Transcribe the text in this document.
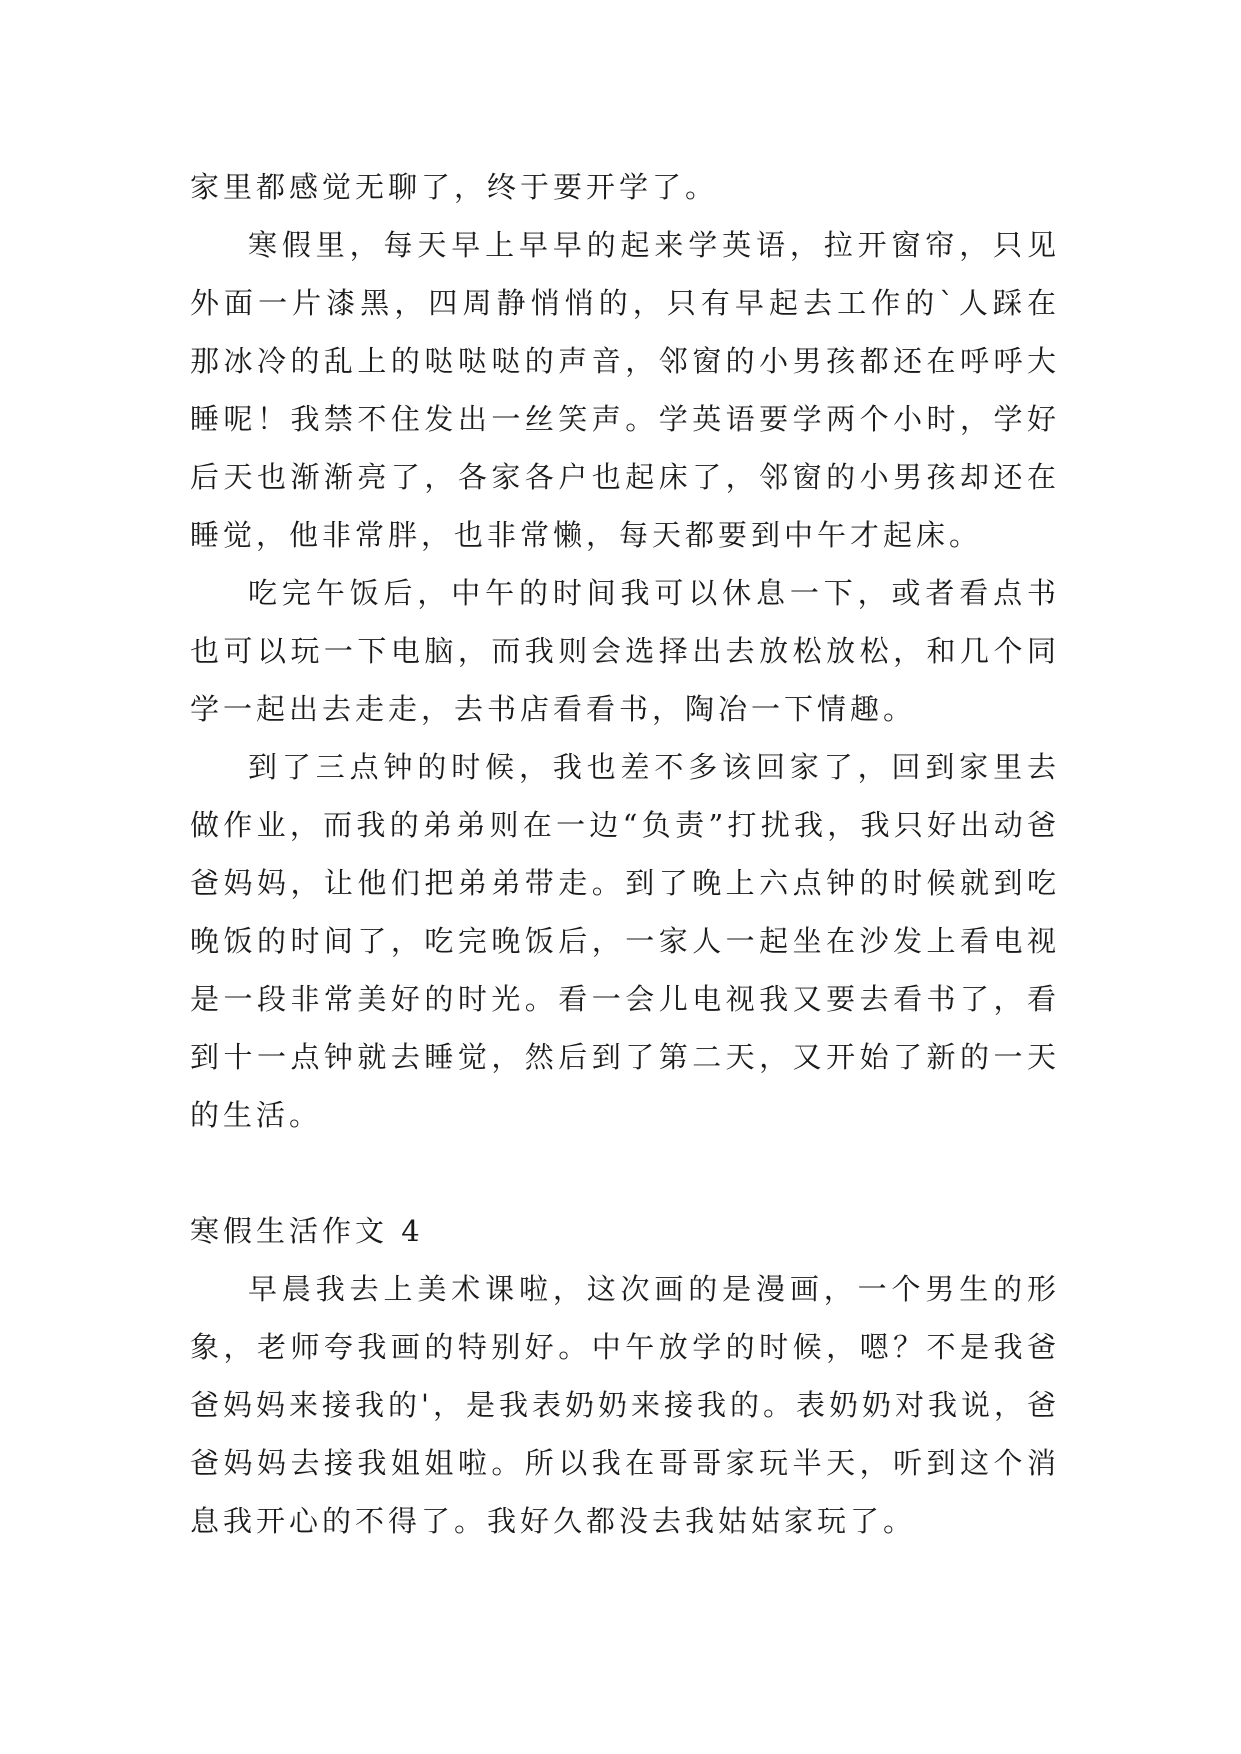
家里都感觉无聊了，终于要开学了。

寒假里，每天早上早早的起来学英语，拉开窗帘，只见外面一片漆黑，四周静悄悄的，只有早起去工作的`人踩在那冰冷的乱上的哒哒哒的声音，邻窗的小男孩都还在呼呼大睡呢！我禁不住发出一丝笑声。学英语要学两个小时，学好后天也渐渐亮了，各家各户也起床了，邻窗的小男孩却还在睡觉，他非常胖，也非常懒，每天都要到中午才起床。

吃完午饭后，中午的时间我可以休息一下，或者看点书也可以玩一下电脑，而我则会选择出去放松放松，和几个同学一起出去走走，去书店看看书，陶冶一下情趣。

到了三点钟的时候，我也差不多该回家了，回到家里去做作业，而我的弟弟则在一边“负责”打扰我，我只好出动爸爸妈妈，让他们把弟弟带走。到了晚上六点钟的时候就到吃晚饭的时间了，吃完晚饭后，一家人一起坐在沙发上看电视是一段非常美好的时光。看一会儿电视我又要去看书了，看到十一点钟就去睡觉，然后到了第二天，又开始了新的一天的生活。

寒假生活作文 4

早晨我去上美术课啦，这次画的是漫画，一个男生的形象，老师夸我画的特别好。中午放学的时候，嗯？不是我爸爸妈妈来接我的'，是我表奶奶来接我的。表奶奶对我说，爸爸妈妈去接我姐姐啦。所以我在哥哥家玩半天，听到这个消息我开心的不得了。我好久都没去我姑姑家玩了。
